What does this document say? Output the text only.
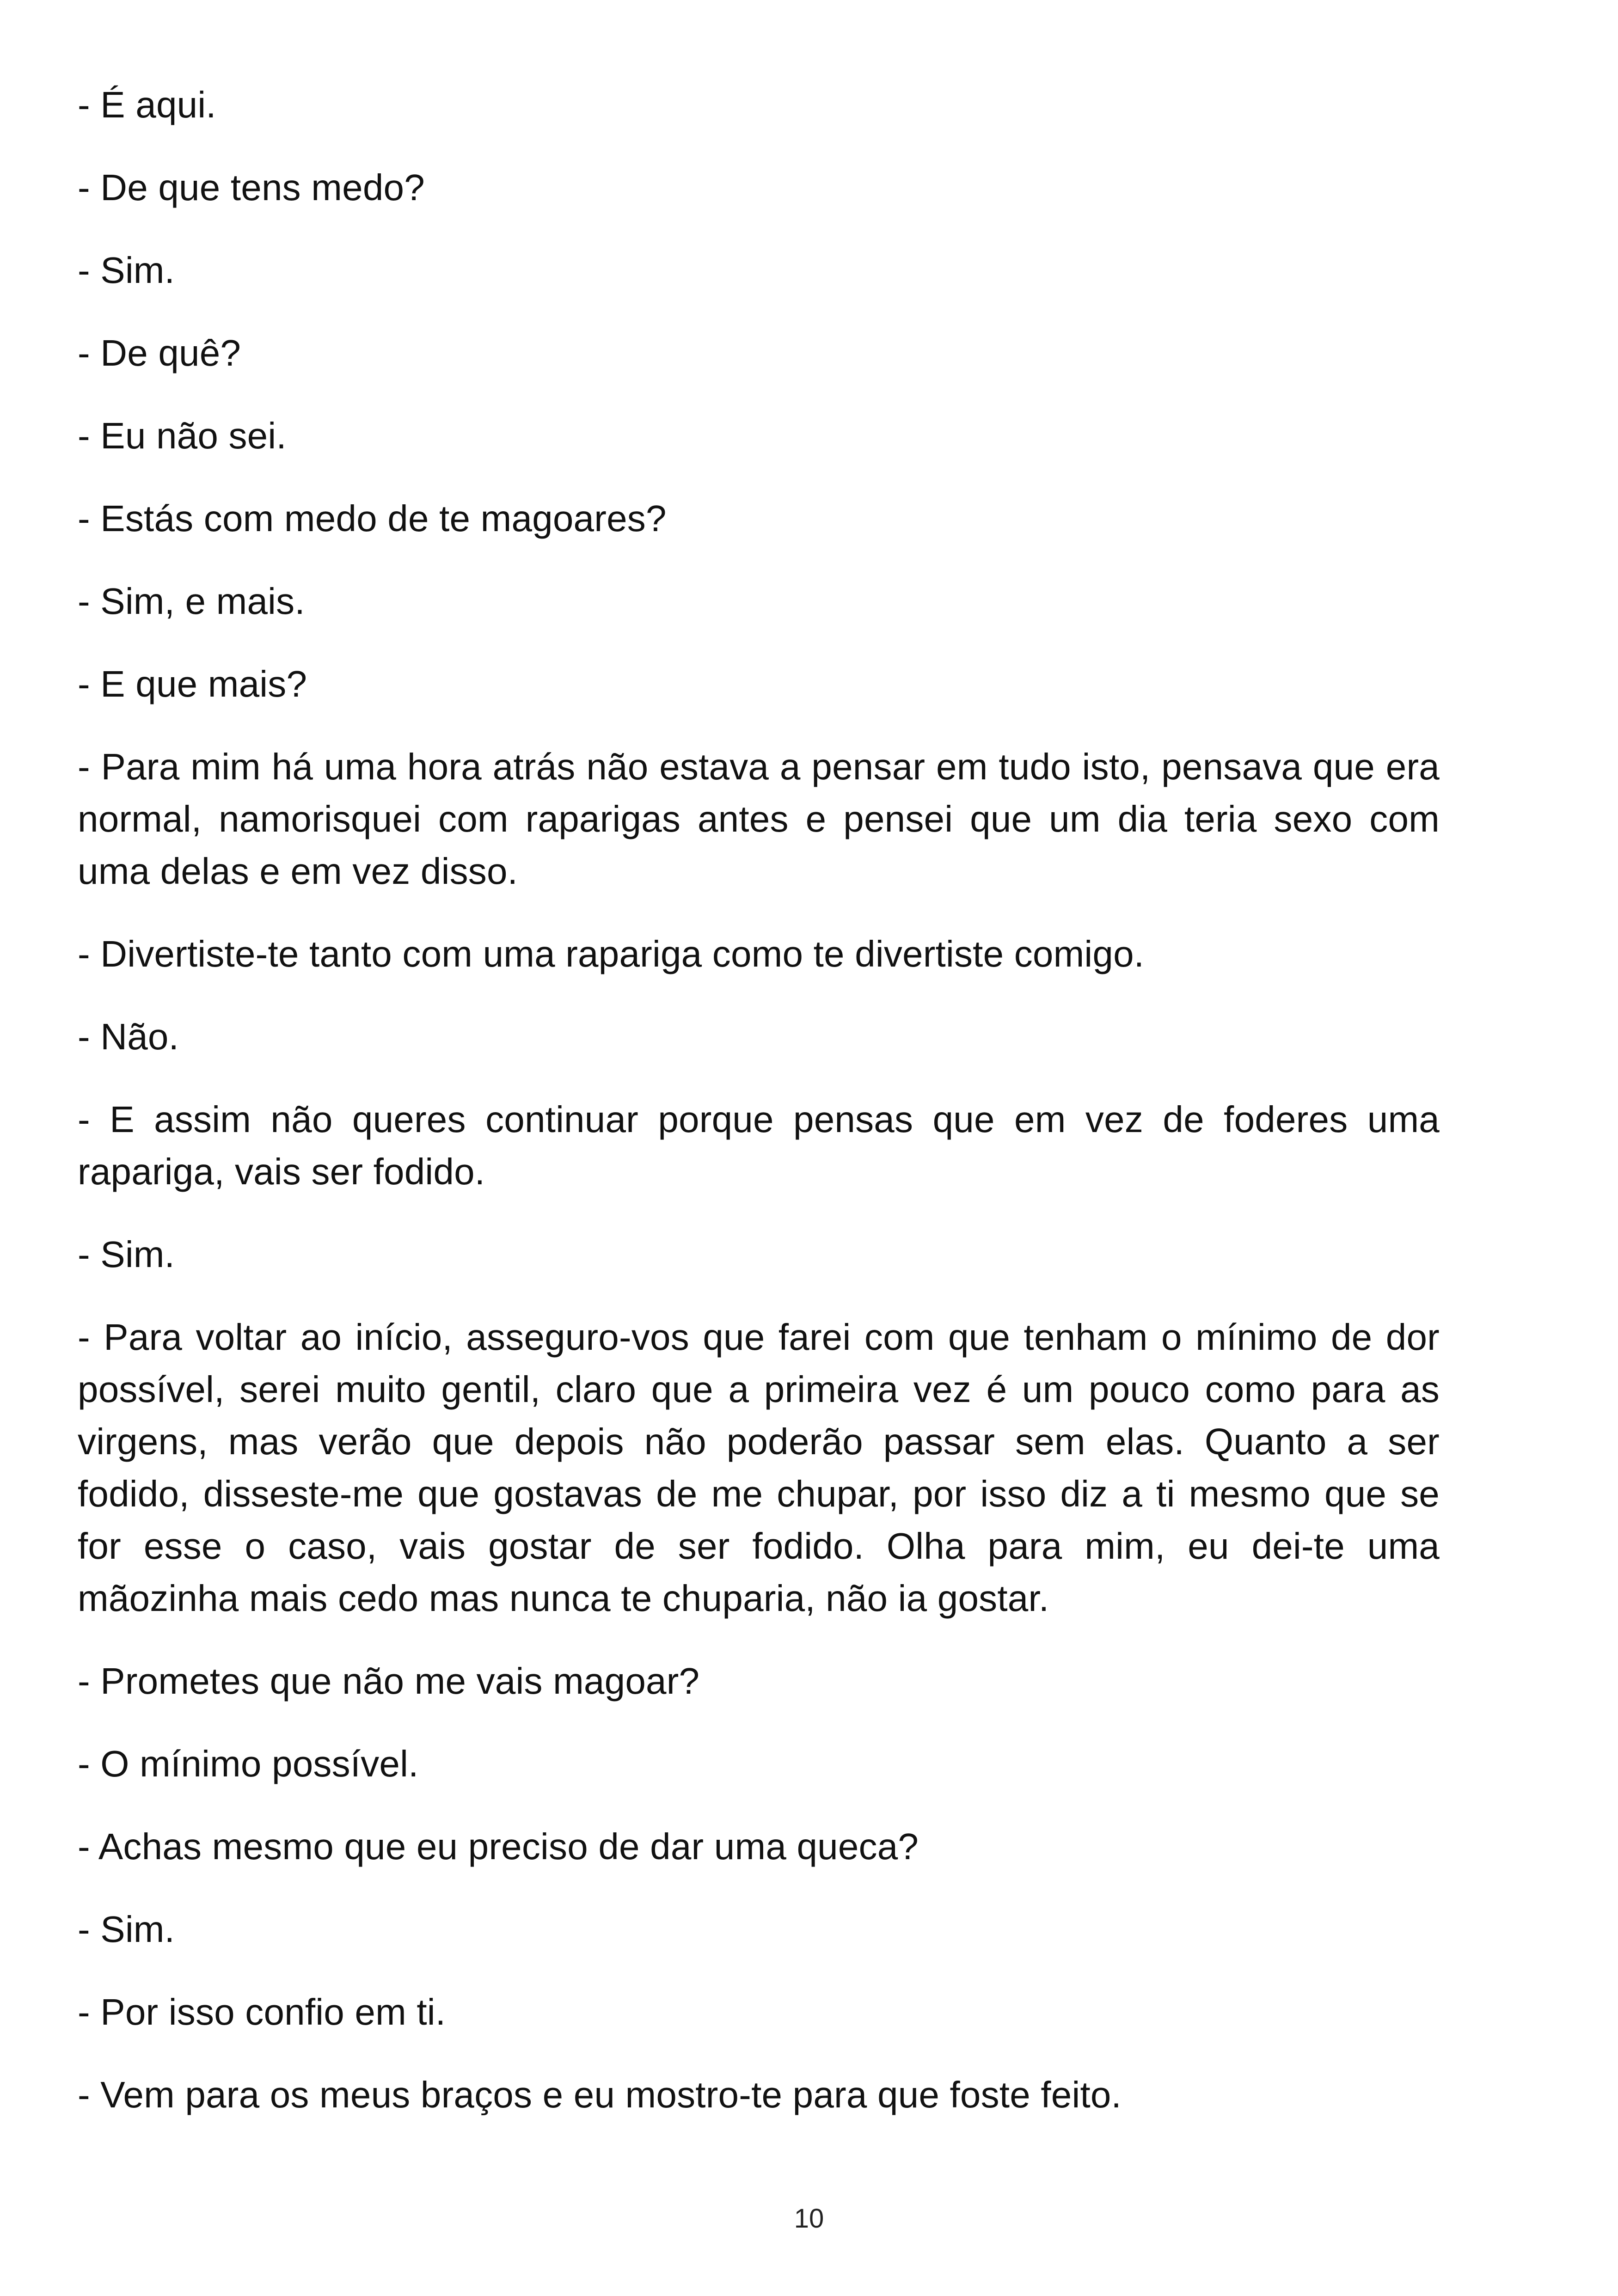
- É aqui.

- De que tens medo?

- Sim.

- De quê?

- Eu não sei.

- Estás com medo de te magoares?

- Sim, e mais.

- E que mais?

- Para mim há uma hora atrás não estava a pensar em tudo isto, pensava que era normal, namorisquei com raparigas antes e pensei que um dia teria sexo com uma delas e em vez disso.

- Divertiste-te tanto com uma rapariga como te divertiste comigo.

- Não.

- E assim não queres continuar porque pensas que em vez de foderes uma rapariga, vais ser fodido.

- Sim.

- Para voltar ao início, asseguro-vos que farei com que tenham o mínimo de dor possível, serei muito gentil, claro que a primeira vez é um pouco como para as virgens, mas verão que depois não poderão passar sem elas. Quanto a ser fodido, disseste-me que gostavas de me chupar, por isso diz a ti mesmo que se for esse o caso, vais gostar de ser fodido. Olha para mim, eu dei-te uma mãozinha mais cedo mas nunca te chuparia, não ia gostar.

- Prometes que não me vais magoar?

- O mínimo possível.

- Achas mesmo que eu preciso de dar uma queca?

- Sim.

- Por isso confio em ti.

- Vem para os meus braços e eu mostro-te para que foste feito.

10
